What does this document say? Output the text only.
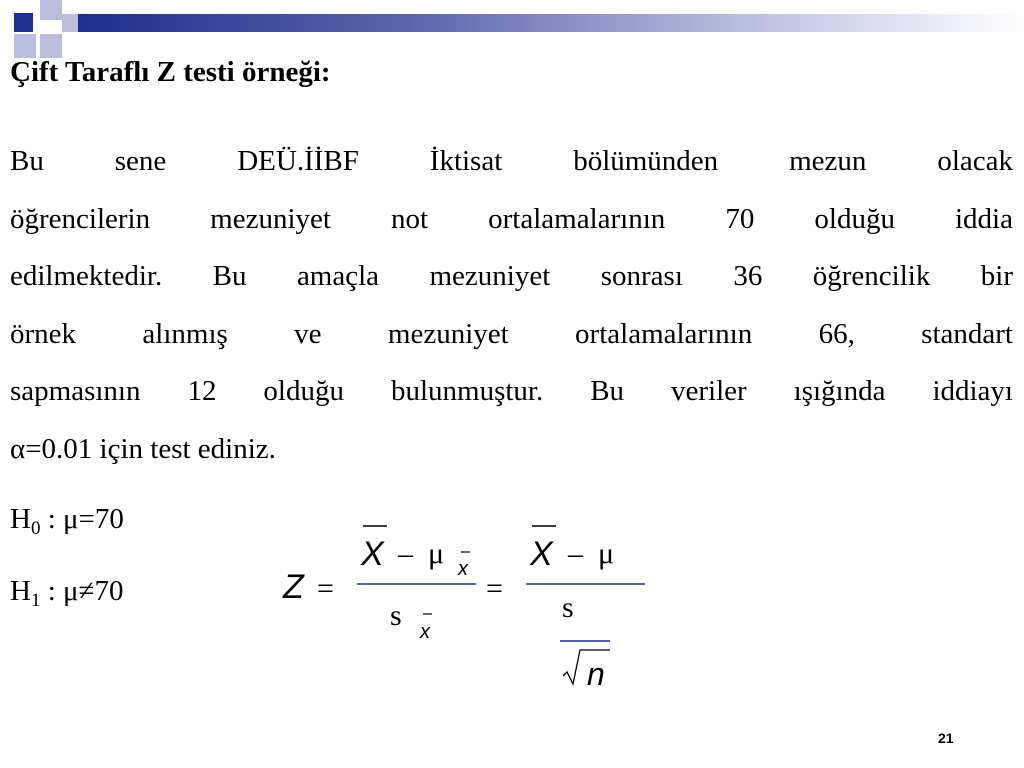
Çift Taraflı Z testi örneği:
Bu sene DEÜ.İİBF İktisat bölümünden mezun olacak
öğrencilerin mezuniyet not ortalamalarının 70 olduğu iddia
edilmektedir. Bu amaçla mezuniyet sonrası 36 öğrencilik bir
örnek alınmış ve mezuniyet ortalamalarının 66, standart
sapmasının 12 olduğu bulunmuştur. Bu veriler ışığında iddiayı
α=0.01 için test ediniz.
$H_0$ : μ=70
$H_1$ : μ≠70	Z =
X – μ x
s x
=
X – μ
s
n
21
